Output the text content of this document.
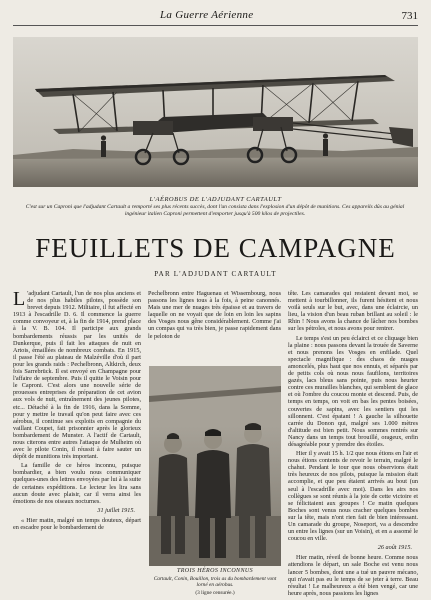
La Guerre Aérienne	731
L'AÉROBUS DE L'ADJUDANT CARTAULT
C'est sur un Caproni que l'adjudant Cartault a remporté ses plus récents succès, dont l'un consista dans l'explosion d'un dépôt de munitions. Ces appareils dûs au génial ingénieur italien Caproni permettent d'emporter jusqu'à 500 kilos de projectiles.
FEUILLETS DE CAMPAGNE
PAR L'ADJUDANT CARTAULT

L 'adjudant Cartault, l'un de nos plus anciens et de nos plus habiles pilotes, possède son brevet depuis 1912. Militaire, il fut affecté en 1913 à l'escadrille D. 6. Il commence la guerre comme convoyeur et, à la fin de 1914, prend place à la V. B. 104. Il participe aux grands bombardements réussis par les unités de Dunkerque, puis il fait les attaques de nuit en Artois, émaillées de nombreux combats. En 1915, il passe l'été au plateau de Malzéville d'où il part pour les grands raids : Pechelbronn, Altkirch, deux fois Sarrebrück. Il est envoyé en Champagne pour l'affaire de septembre. Puis il quitte le Voisin pour le Caproni. C'est alors une nouvelle série de prouesses entreprises de préparation de cet avion aux vols de nuit, entraînement des jeunes pilotes, etc... Détaché à la fin de 1916, dans la Somme, pour y mettre le travail qu'on peut faire avec ces aérobus, il continue ses exploits en compagnie du vaillant Coupet, fait prisonnier après le glorieux bombardement de Munster. A l'actif de Cartault, nous citerons entre autres l'attaque de Mulheim où avec le pilote Conin, il réussit à faire sauter un dépôt de munitions très important.

La famille de ce héros inconnu, puisque bombardier, a bien voulu nous communiquer quelques-unes des lettres envoyées par lui à la suite de certaines expéditions. Le lecteur les lira sans aucun doute avec plaisir, car il verra ainsi les émotions de nos oiseaux nocturnes.

31 juillet 1915.

« Hier matin, malgré un temps douteux, départ en escadre pour le bombardement de

Pechelbronn entre Haguenau et Wissembourg, nous passons les lignes tous à la fois, à peine canonnés. Mais une mer de nuages très épaisse et au travers de laquelle on ne voyait que de loin en loin les sapins des Vosges nous gêne considérablement. Comme j'ai un compas qui va très bien, je passe rapidement dans le peloton de

TROIS HÉROS INCONNUS
Cartault, Conin, Bouillon, trois as du bombardement vont lorné en aérobus.
(3 ligne censurée.)

tête. Les camarades qui restaient devant moi, se mettent à tourbillonner, ils furent hésitent et nous voilà seuls sur le but, avec, dans une éclaircie, un lieu, la vision d'un beau ruban brillant au soleil : le Rhin ! Nous avons la chance de lâcher nos bombes sur les pétroles, et nous avons pour rentrer.

Le temps s'est un peu éclairci et ce cliquage bien la plaine : nous passons devant la trouée de Saverne et nous prenons les Vosges en enfilade. Quel spectacle magnifique : des chaos de nuages amoncelés, plus haut que nos ennuis, et séparés par de petits cols où nous nous faufilons, territoires gazés, lacs bleus sans pointe, puis nous heurter contre ces murailles blanches, qui semblent de glace et où l'ombre du coucou monte et descend. Puis, de temps en temps, on voit en bas les pentes boisées, couvertes de sapins, avec les sentiers qui les sillonnent. C'est épatant ! A gauche la silhouette carrée du Donon qui, malgré ses 1.000 mètres d'altitude est bien petit. Nous sommes rentrés sur Nancy dans un temps tout brouillé, orageux, enfin désagréable pour y prendre des étoiles.

Hier il y avait 15 h. 1/2 que nous étions en l'air et nous étions contents de revoir le terrain, malgré le chahut. Pendant le tour que nous observions était très heureux de nos pilots, puisque la mission était accomplie, et que peu étaient arrivés au bout (un seul à l'escadrille avec moi). Dans les airs nos collègues se sont réunis à la joie de cette victoire et se félicitaient aux groupes ! Ce matin quelques Boches sont venus nous cracher quelques bombes sur la tête, mais n'ont rien fait de bien intéressant. Un camarade du groupe, Noseport, va a descendre un entre les lignes (sur un Voisin), et en a assomé le coucou en ville.

26 août 1915.

Hier matin, réveil de bonne heure. Comme nous attendions le départ, un sale Boche est venu nous lancer 5 bombes, dont une a tué un pauvre mécano, qui n'avait pas eu le temps de se jeter à terre. Beau résultat ! Le malheureux a été bien vengé, car une heure après, nous passions les lignes
